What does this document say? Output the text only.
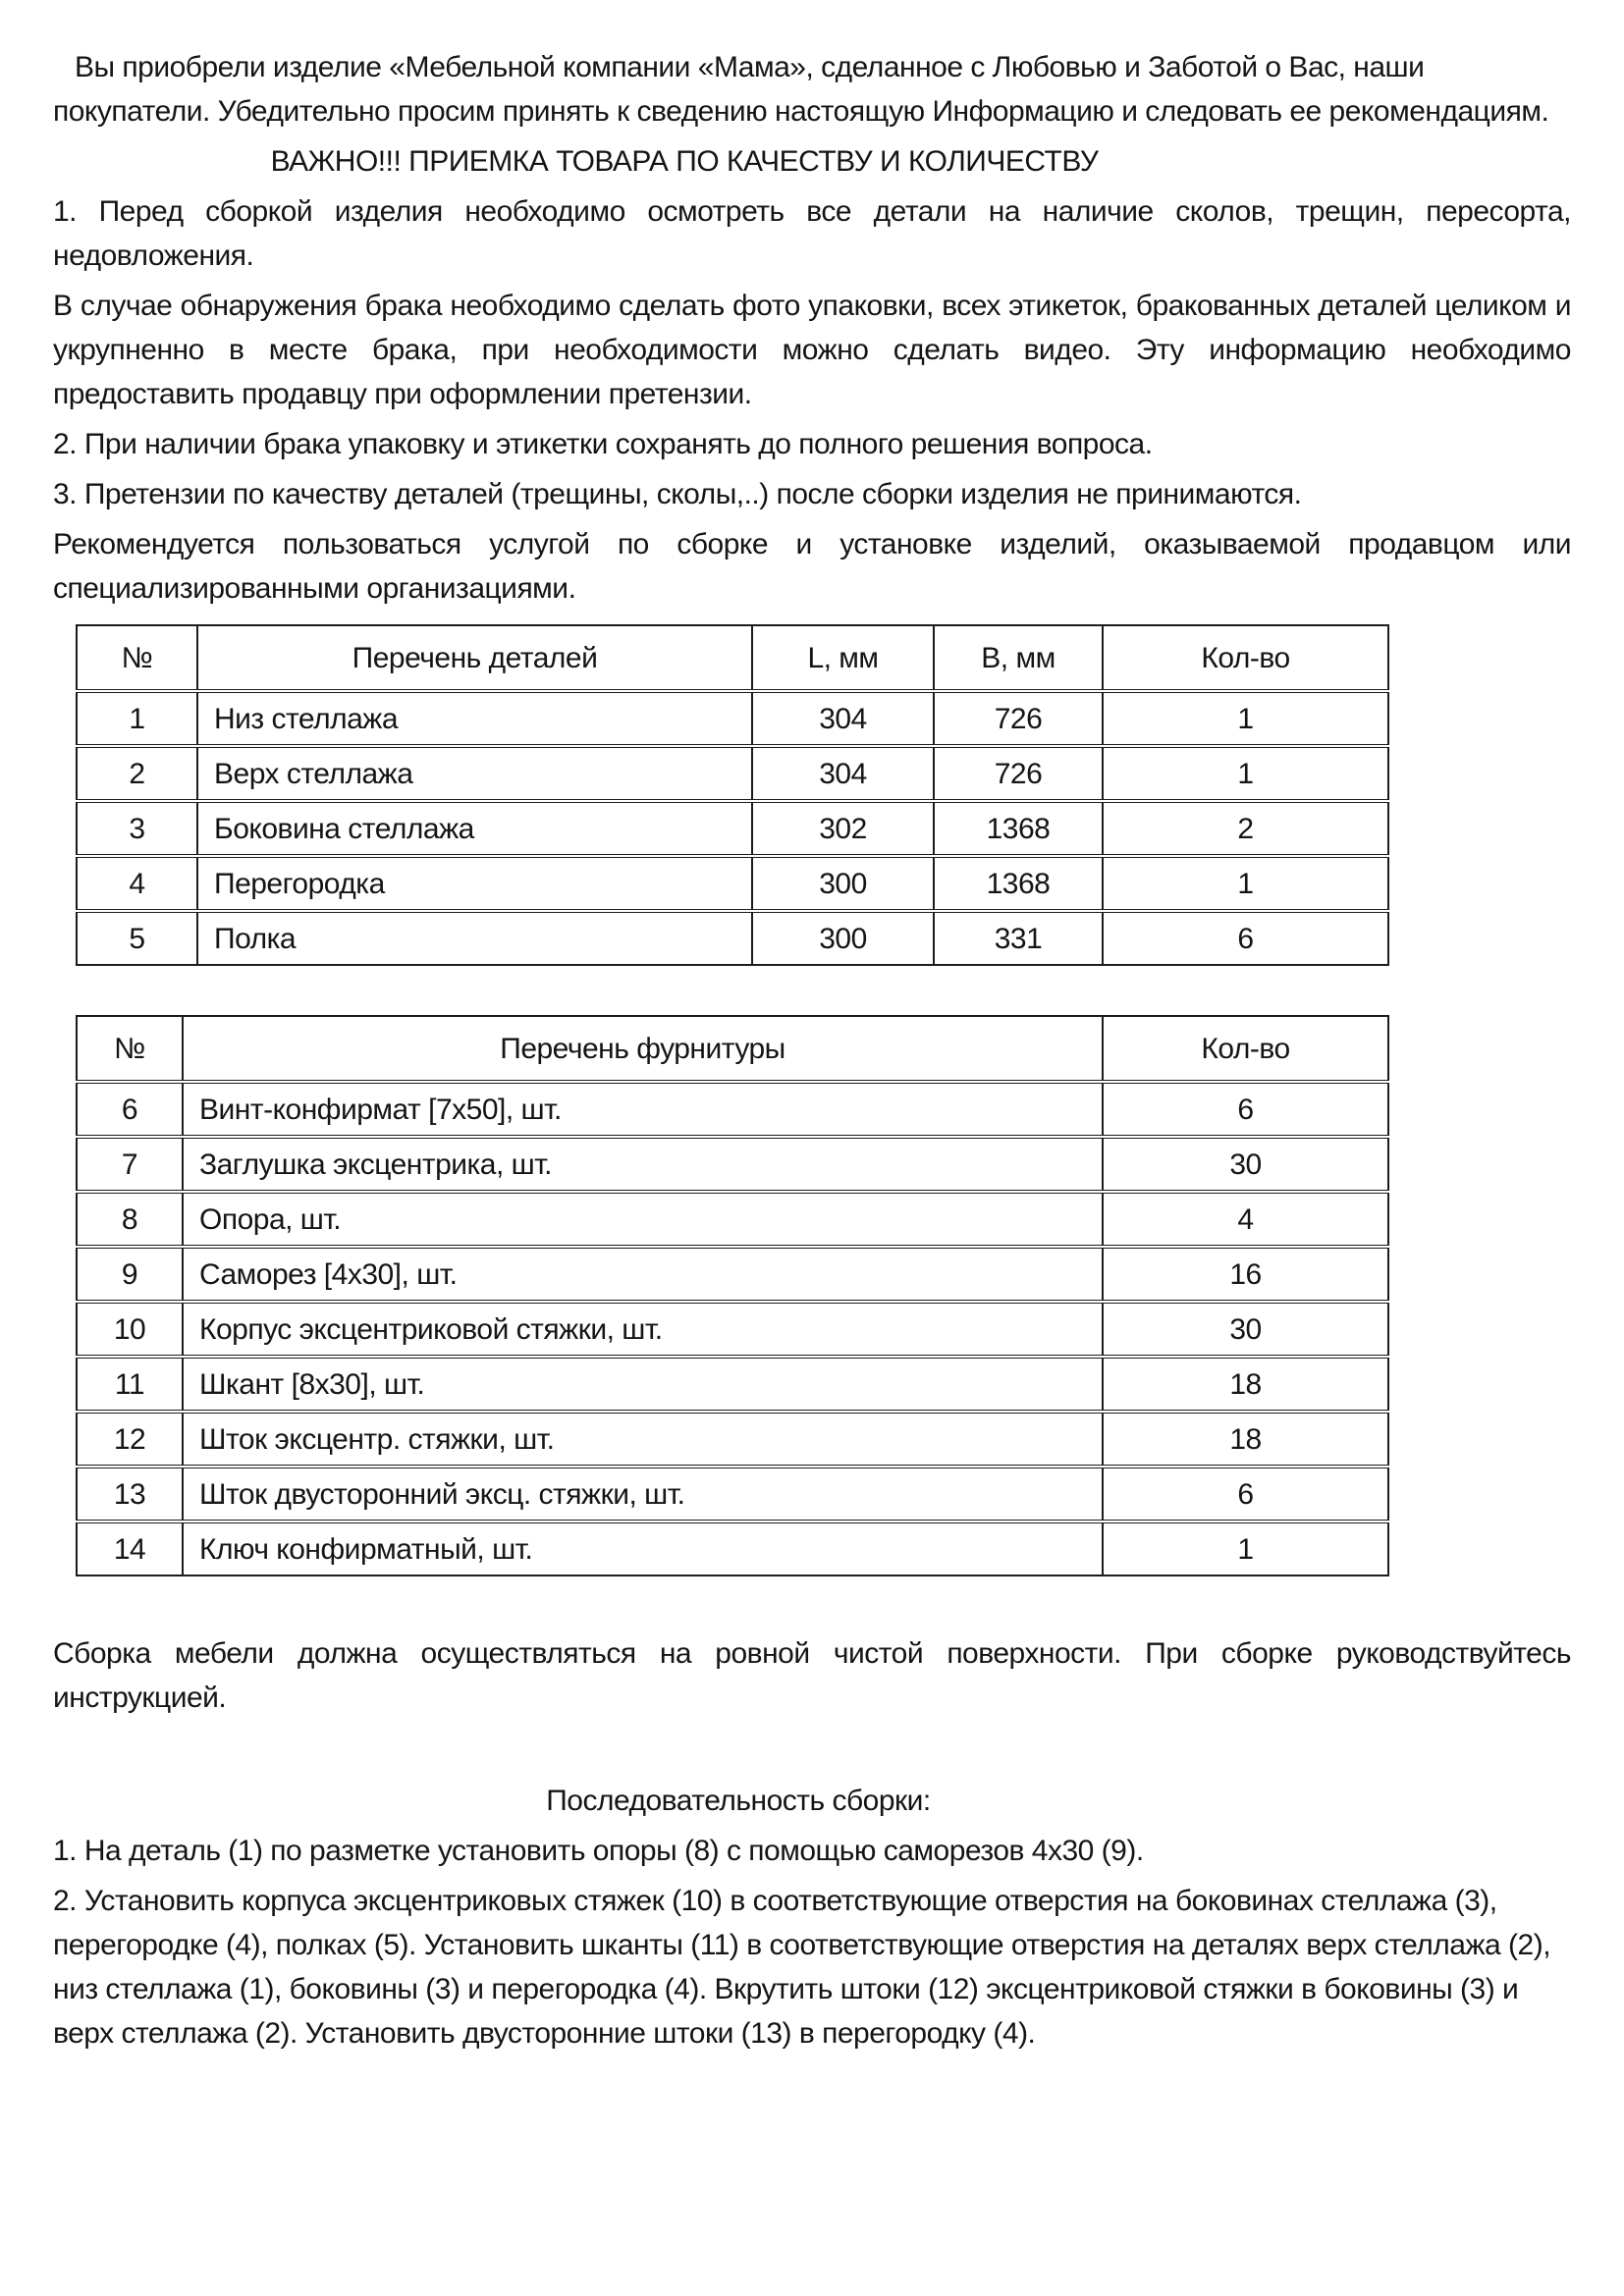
Вы приобрели изделие «Мебельной компании «Мама», сделанное с Любовью и Заботой о Вас, наши покупатели. Убедительно просим принять к сведению настоящую Информацию и следовать ее рекомендациям.

ВАЖНО!!! ПРИЕМКА ТОВАРА ПО КАЧЕСТВУ И КОЛИЧЕСТВУ

1. Перед сборкой изделия необходимо осмотреть все детали на наличие сколов, трещин, пересорта, недовложения.

В случае обнаружения брака необходимо сделать фото упаковки, всех этикеток, бракованных деталей целиком и укрупненно в месте брака, при необходимости можно сделать видео. Эту информацию необходимо предоставить продавцу при оформлении претензии.

2. При наличии брака упаковку и этикетки сохранять до полного решения вопроса.

3. Претензии по качеству деталей (трещины, сколы,..) после сборки изделия не принимаются.

Рекомендуется пользоваться услугой по сборке и установке изделий, оказываемой продавцом или специализированными организациями.

№	Перечень деталей	L, мм	В, мм	Кол-во
1	Низ стеллажа	304	726	1
2	Верх стеллажа	304	726	1
3	Боковина стеллажа	302	1368	2
4	Перегородка	300	1368	1
5	Полка	300	331	6
№	Перечень фурнитуры	Кол-во
6	Винт-конфирмат [7х50], шт.	6
7	Заглушка эксцентрика, шт.	30
8	Опора, шт.	4
9	Саморез [4х30], шт.	16
10	Корпус эксцентриковой стяжки, шт.	30
11	Шкант [8х30], шт.	18
12	Шток эксцентр. стяжки, шт.	18
13	Шток двусторонний эксц. стяжки, шт.	6
14	Ключ конфирматный, шт.	1

Сборка мебели должна осуществляться на ровной чистой поверхности. При сборке руководствуйтесь инструкцией.

Последовательность сборки:

1. На деталь (1) по разметке установить опоры (8) с помощью саморезов 4х30 (9).

2. Установить корпуса эксцентриковых стяжек (10) в соответствующие отверстия на боковинах стеллажа (3), перегородке (4), полках (5). Установить шканты (11) в соответствующие отверстия на деталях верх стеллажа (2), низ стеллажа (1), боковины (3) и перегородка (4). Вкрутить штоки (12) эксцентриковой стяжки в боковины (3) и верх стеллажа (2). Установить двусторонние штоки (13) в перегородку (4).
